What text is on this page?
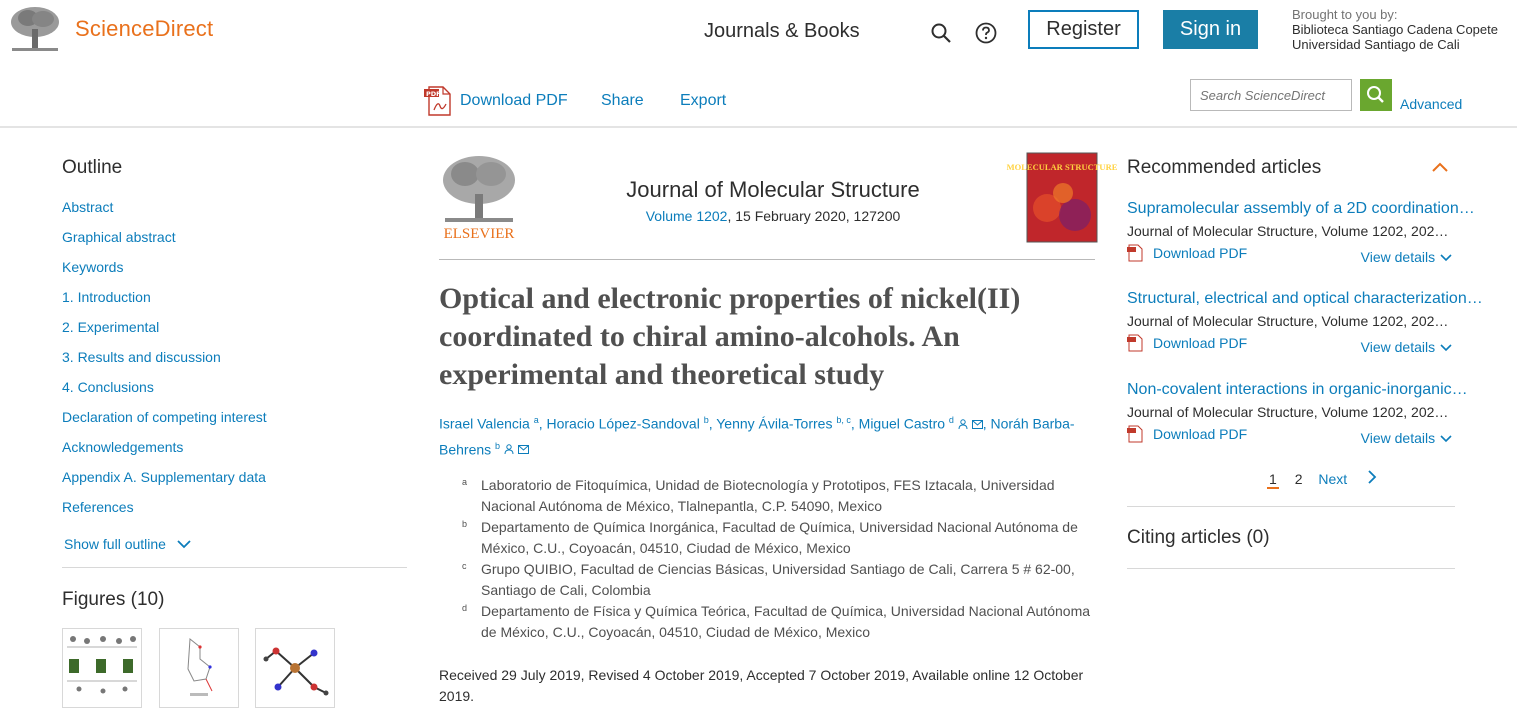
ScienceDirect	Journals & Books	Register	Sign in
Brought to you by:
Biblioteca Santiago Cadena Copete
Universidad Santiago de Cali
PDF Download PDF Share Export
Search ScienceDirect	Advanced
Outline
Abstract
Graphical abstract
Keywords
1. Introduction
2. Experimental
3. Results and discussion
4. Conclusions
Declaration of competing interest
Acknowledgements
Appendix A. Supplementary data
References
Show full outline
Figures (10)
ELSEVIER
Journal of Molecular Structure
Volume 1202, 15 February 2020, 127200
MOLECULAR STRUCTURE
Optical and electronic properties of nickel(II) coordinated to chiral amino-alcohols. An experimental and theoretical study
Israel Valencia $^a$, Horacio López-Sandoval $^b$, Yenny Ávila-Torres $^{b, c}$, Miguel Castro $^d$ , Noráh Barba-Behrens $^b$
a Laboratorio de Fitoquímica, Unidad de Biotecnología y Prototipos, FES Iztacala, Universidad Nacional Autónoma de México, Tlalnepantla, C.P. 54090, Mexico
b Departamento de Química Inorgánica, Facultad de Química, Universidad Nacional Autónoma de México, C.U., Coyoacán, 04510, Ciudad de México, Mexico
c Grupo QUIBIO, Facultad de Ciencias Básicas, Universidad Santiago de Cali, Carrera 5 # 62-00, Santiago de Cali, Colombia
d Departamento de Física y Química Teórica, Facultad de Química, Universidad Nacional Autónoma de México, C.U., Coyoacán, 04510, Ciudad de México, Mexico
Received 29 July 2019, Revised 4 October 2019, Accepted 7 October 2019, Available online 12 October 2019.
Recommended articles
Supramolecular assembly of a 2D coordination…
Journal of Molecular Structure, Volume 1202, 202…
Download PDF	View details
Structural, electrical and optical characterization…
Journal of Molecular Structure, Volume 1202, 202…
Download PDF	View details
Non-covalent interactions in organic-inorganic…
Journal of Molecular Structure, Volume 1202, 202…
Download PDF	View details
1 2 Next
Citing articles (0)
